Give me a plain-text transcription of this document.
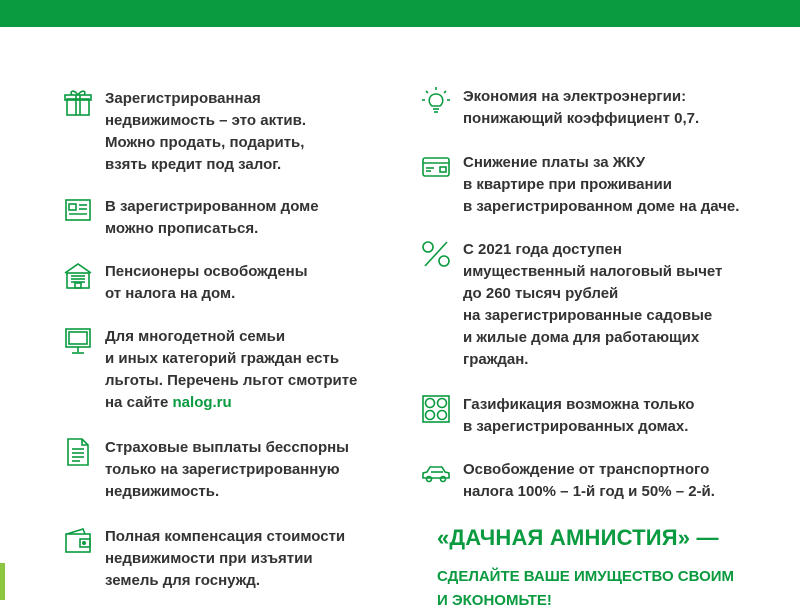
Зарегистрированная
недвижимость – это актив.
Можно продать, подарить,
взять кредит под залог.
В зарегистрированном доме
можно прописаться.
Пенсионеры освобождены
от налога на дом.
Для многодетной семьи
и иных категорий граждан есть
льготы. Перечень льгот смотрите
на сайте nalog.ru
Страховые выплаты бесспорны
только на зарегистрированную
недвижимость.
Полная компенсация стоимости
недвижимости при изъятии
земель для госнужд.
Экономия на электроэнергии:
понижающий коэффициент 0,7.
Снижение платы за ЖКУ
в квартире при проживании
в зарегистрированном доме на даче.
С 2021 года доступен
имущественный налоговый вычет
до 260 тысяч рублей
на зарегистрированные садовые
и жилые дома для работающих
граждан.
Газификация возможна только
в зарегистрированных домах.
Освобождение от транспортного
налога 100% – 1-й год и 50% – 2-й.
«ДАЧНАЯ АМНИСТИЯ» —
СДЕЛАЙТЕ ВАШЕ ИМУЩЕСТВО СВОИМ
И ЭКОНОМЬТЕ!
